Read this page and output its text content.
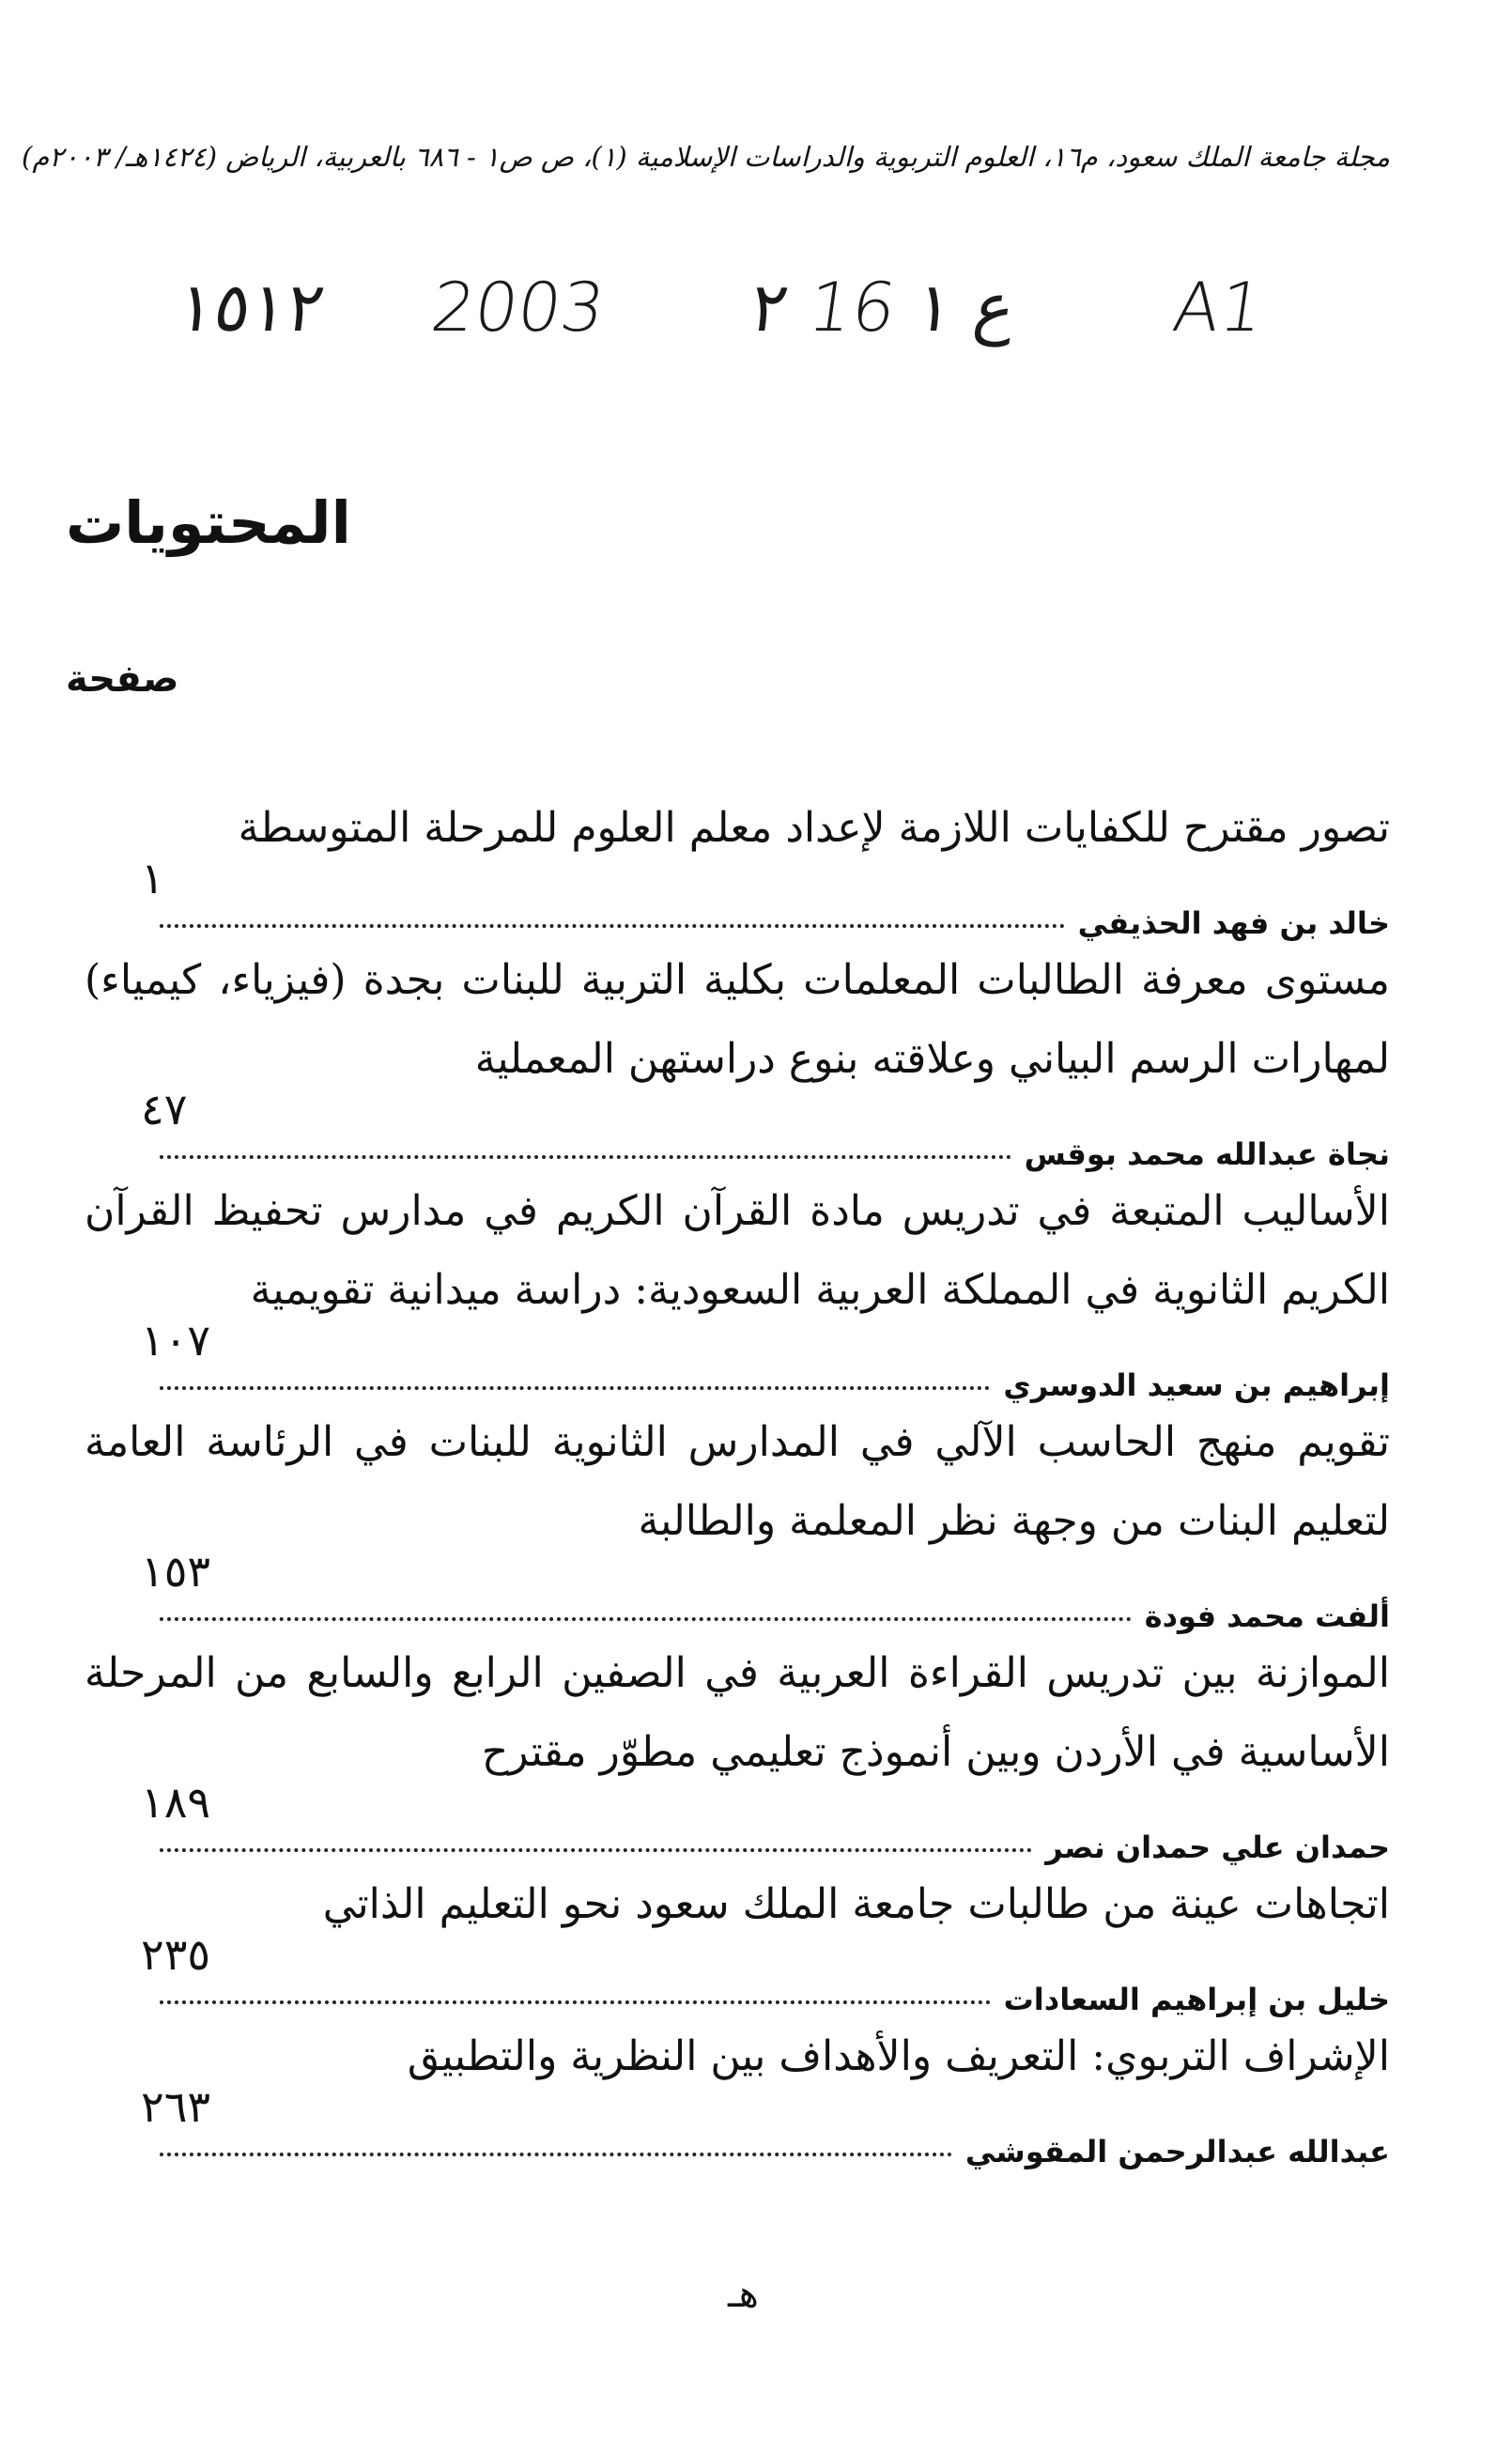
مجلة جامعة الملك سعود، م١٦، العلوم التربوية والدراسات الإسلامية (١)، ص ص١ - ٦٨٦ بالعربية، الرياض (١٤٢٤هـ/ ٢٠٠٣م)
١٥١٢ 2003 ٢ 16 ع ١ A1
المحتويات
صفحة
تصور مقترح للكفايات اللازمة لإعداد معلم العلوم للمرحلة المتوسطة
خالد بن فهد الحذيفي
١
مستوى معرفة الطالبات المعلمات بكلية التربية للبنات بجدة (فيزياء، كيمياء) لمهارات الرسم البياني وعلاقته بنوع دراستهن المعملية
نجاة عبدالله محمد بوقس
٤٧
الأساليب المتبعة في تدريس مادة القرآن الكريم في مدارس تحفيظ القرآن الكريم الثانوية في المملكة العربية السعودية: دراسة ميدانية تقويمية
إبراهيم بن سعيد الدوسري
١٠٧
تقويم منهج الحاسب الآلي في المدارس الثانوية للبنات في الرئاسة العامة لتعليم البنات من وجهة نظر المعلمة والطالبة
ألفت محمد فودة
١٥٣
الموازنة بين تدريس القراءة العربية في الصفين الرابع والسابع من المرحلة الأساسية في الأردن وبين أنموذج تعليمي مطوّر مقترح
حمدان علي حمدان نصر
١٨٩
اتجاهات عينة من طالبات جامعة الملك سعود نحو التعليم الذاتي
خليل بن إبراهيم السعادات
٢٣٥
الإشراف التربوي: التعريف والأهداف بين النظرية والتطبيق
عبدالله عبدالرحمن المقوشي
٢٦٣
هـ
